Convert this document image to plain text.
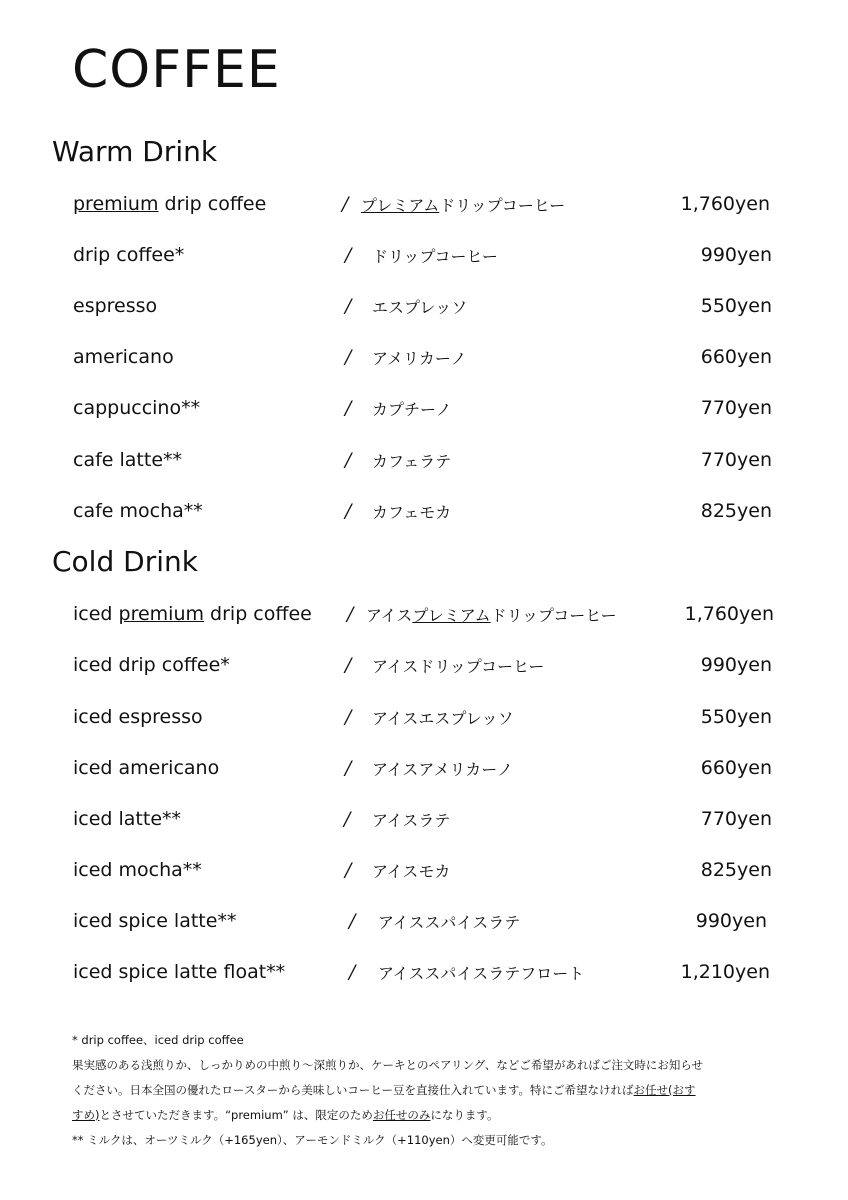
COFFEE
Warm Drink
premium drip coffee	/ プレミアムドリップコーヒー	1,760yen
drip coffee*	/ ドリップコーヒー	990yen
espresso	/ エスプレッソ	550yen
americano	/ アメリカーノ	660yen
cappuccino**	/ カプチーノ	770yen
cafe latte**	/ カフェラテ	770yen
cafe mocha**	/ カフェモカ	825yen
Cold Drink
iced premium drip coffee / アイスプレミアムドリップコーヒー	1,760yen
iced drip coffee*	/ アイスドリップコーヒー	990yen
iced espresso	/ アイスエスプレッソ	550yen
iced americano	/ アイスアメリカーノ	660yen
iced latte**	/ アイスラテ	770yen
iced mocha**	/ アイスモカ	825yen
iced spice latte**	/ アイススパイスラテ	990yen
iced spice latte float**	/ アイススパイスラテフロート	1,210yen
* drip coffee、iced drip coffee
果実感のある浅煎りか、しっかりめの中煎り〜深煎りか、ケーキとのペアリング、などご希望があればご注文時にお知らせ
ください。日本全国の優れたロースターから美味しいコーヒー豆を直接仕入れています。特にご希望なければお任せ(おす
すめ)とさせていただきます。“premium” は、限定のためお任せのみになります。
** ミルクは、オーツミルク（+165yen）、アーモンドミルク（+110yen）へ変更可能です。
